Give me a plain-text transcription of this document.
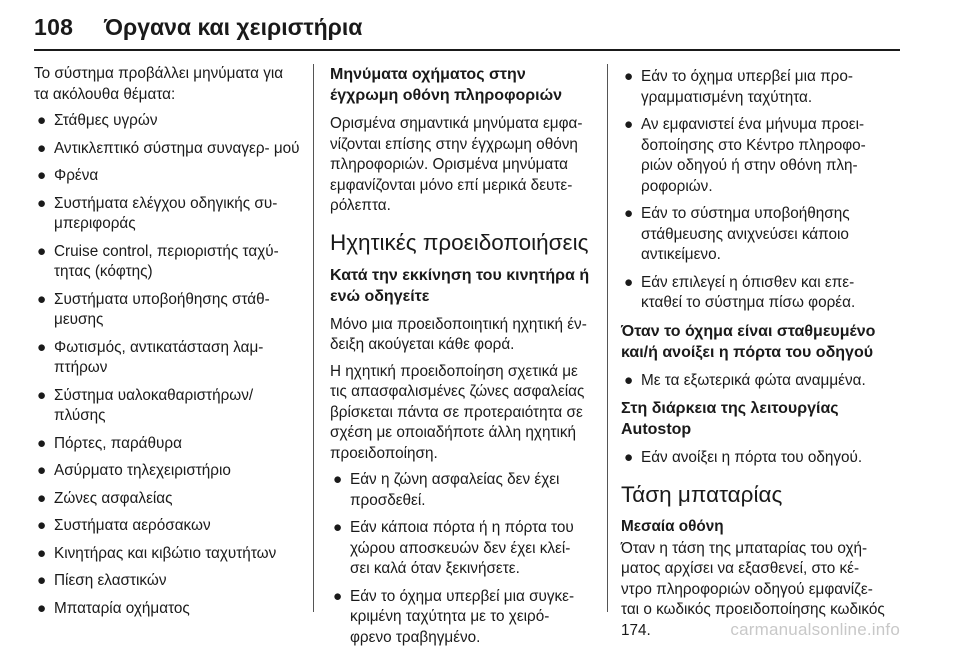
108 Όργανα και χειριστήρια

Το σύστημα προβάλλει μηνύματα για τα ακόλουθα θέματα:

● Στάθμες υγρών
● Αντικλεπτικό σύστημα συναγερ- μού
● Φρένα
● Συστήματα ελέγχου οδηγικής συ- μπεριφοράς
● Cruise control, περιοριστής ταχύ- τητας (κόφτης)
● Συστήματα υποβοήθησης στάθ- μευσης
● Φωτισμός, αντικατάσταση λαμ- πτήρων
● Σύστημα υαλοκαθαριστήρων/ πλύσης
● Πόρτες, παράθυρα
● Ασύρματο τηλεχειριστήριο
● Ζώνες ασφαλείας
● Συστήματα αερόσακων
● Κινητήρας και κιβώτιο ταχυτήτων
● Πίεση ελαστικών
● Μπαταρία οχήματος
Μηνύματα οχήματος στην έγχρωμη οθόνη πληροφοριών

Ορισμένα σημαντικά μηνύματα εμφα- νίζονται επίσης στην έγχρωμη οθόνη πληροφοριών. Ορισμένα μηνύματα εμφανίζονται μόνο επί μερικά δευτε- ρόλεπτα.

Ηχητικές προειδοποιήσεις
Κατά την εκκίνηση του κινητήρα ή ενώ οδηγείτε

Μόνο μια προειδοποιητική ηχητική έν- δειξη ακούγεται κάθε φορά.

Η ηχητική προειδοποίηση σχετικά με τις απασφαλισμένες ζώνες ασφαλείας βρίσκεται πάντα σε προτεραιότητα σε σχέση με οποιαδήποτε άλλη ηχητική προειδοποίηση.

● Εάν η ζώνη ασφαλείας δεν έχει προσδεθεί.
● Εάν κάποια πόρτα ή η πόρτα του χώρου αποσκευών δεν έχει κλεί- σει καλά όταν ξεκινήσετε.
● Εάν το όχημα υπερβεί μια συγκε- κριμένη ταχύτητα με το χειρό- φρενο τραβηγμένο.
● Εάν το όχημα υπερβεί μια προ- γραμματισμένη ταχύτητα.
● Αν εμφανιστεί ένα μήνυμα προει- δοποίησης στο Κέντρο πληροφο- ριών οδηγού ή στην οθόνη πλη- ροφοριών.
● Εάν το σύστημα υποβοήθησης στάθμευσης ανιχνεύσει κάποιο αντικείμενο.
● Εάν επιλεγεί η όπισθεν και επε- κταθεί το σύστημα πίσω φορέα.
Όταν το όχημα είναι σταθμευμένο και/ή ανοίξει η πόρτα του οδηγού
● Με τα εξωτερικά φώτα αναμμένα.
Στη διάρκεια της λειτουργίας Autostop
● Εάν ανοίξει η πόρτα του οδηγού.
Τάση μπαταρίας
Μεσαία οθόνη

Όταν η τάση της μπαταρίας του οχή- ματος αρχίσει να εξασθενεί, στο κέ- ντρο πληροφοριών οδηγού εμφανίζε- ται ο κωδικός προειδοποίησης κωδικός 174.	carmanualsonline.info
